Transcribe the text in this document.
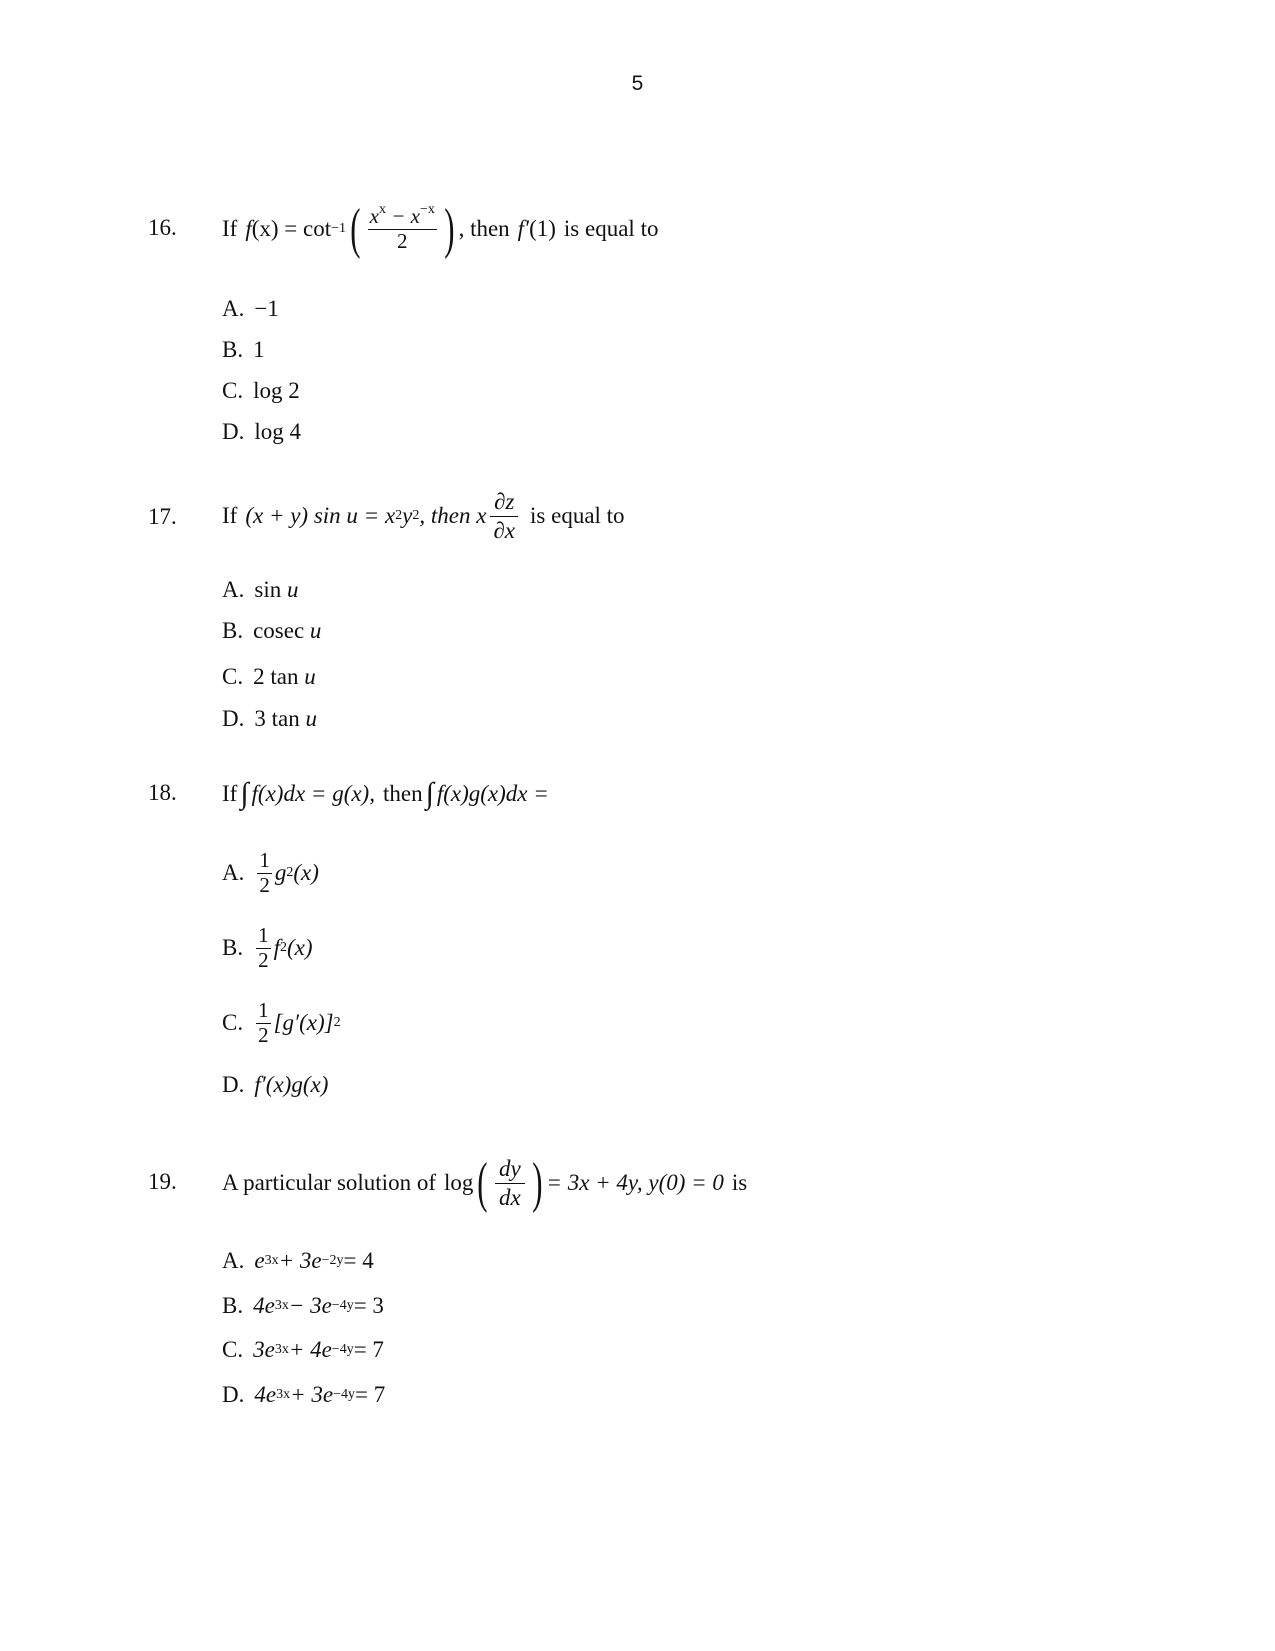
5
16. If f (x) = cot −1 ( $\frac{x^x - x^{-x}}{2}$ ) , then f′ (1) is equal to
A. −1
B. 1
C. log 2
D. log 4
17. If (x + y) sin u = x 2 y 2 , then x $\frac{\partial z}{\partial x}$ is equal to
A. sin
u
B. cosec
u
C. 2 tan
u
D. 3 tan
u
18. If ∫ f(x)dx = g(x), then ∫ f(x)g(x)dx =
A. $\frac{1}{2}$ g 2 (x)
B. $\frac{1}{2}$ f 2 (x)
C. $\frac{1}{2} [g'(x)]$ 2
D. f′(x)g(x)
19. A particular solution of log ( $\frac{dy}{dx}$ ) = 3x + 4y, y(0) = 0 is
A. e 3x + 3e −2y = 4
B. 4e 3x − 3e −4y = 3
C. 3e 3x + 4e −4y = 7
D. 4e 3x + 3e −4y = 7
